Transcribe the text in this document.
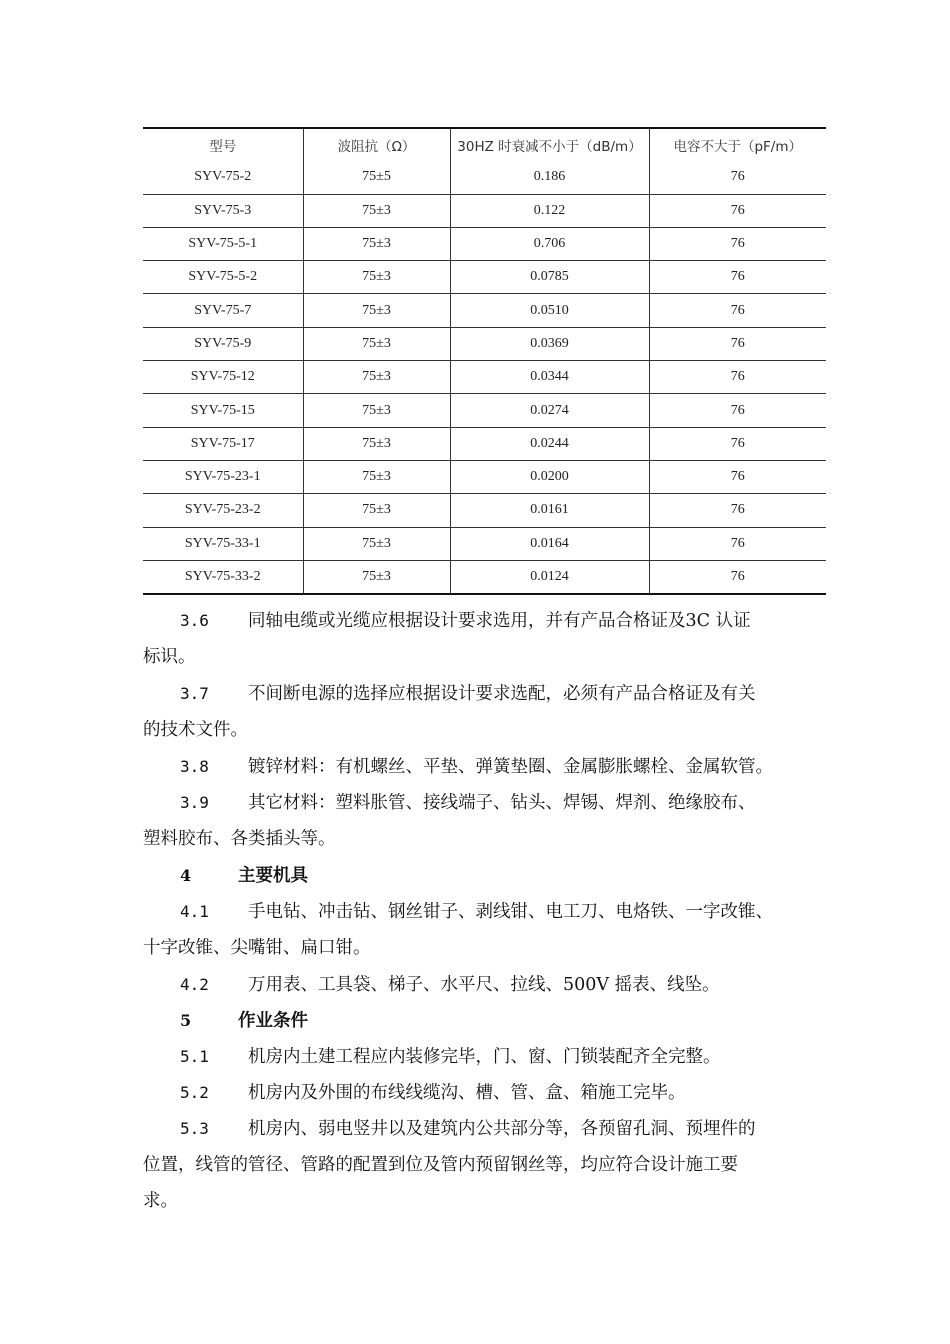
型号	波阻抗（Ω）	30HZ 时衰减不小于（dB/m）	电容不大于（pF/m）
SYV-75-2	75±5	0.186	76
SYV-75-3	75±3	0.122	76
SYV-75-5-1	75±3	0.706	76
SYV-75-5-2	75±3	0.0785	76
SYV-75-7	75±3	0.0510	76
SYV-75-9	75±3	0.0369	76
SYV-75-12	75±3	0.0344	76
SYV-75-15	75±3	0.0274	76
SYV-75-17	75±3	0.0244	76
SYV-75-23-1	75±3	0.0200	76
SYV-75-23-2	75±3	0.0161	76
SYV-75-33-1	75±3	0.0164	76
SYV-75-33-2	75±3	0.0124	76

3.6 同轴电缆或光缆应根据设计要求选用，并有产品合格证及3C 认证
标识。

3.7 不间断电源的选择应根据设计要求选配，必须有产品合格证及有关
的技术文件。

3.8 镀锌材料：有机螺丝、平垫、弹簧垫圈、金属膨胀螺栓、金属软管。

3.9 其它材料：塑料胀管、接线端子、钻头、焊锡、焊剂、绝缘胶布、
塑料胶布、各类插头等。

4	主要机具

4.1 手电钻、冲击钻、钢丝钳子、剥线钳、电工刀、电烙铁、一字改锥、
十字改锥、尖嘴钳、扁口钳。

4.2 万用表、工具袋、梯子、水平尺、拉线、500V 摇表、线坠。

5	作业条件

5.1 机房内土建工程应内装修完毕，门、窗、门锁装配齐全完整。

5.2 机房内及外围的布线线缆沟、槽、管、盒、箱施工完毕。

5.3 机房内、弱电竖井以及建筑内公共部分等，各预留孔洞、预埋件的
位置，线管的管径、管路的配置到位及管内预留钢丝等，均应符合设计施工要
求。
